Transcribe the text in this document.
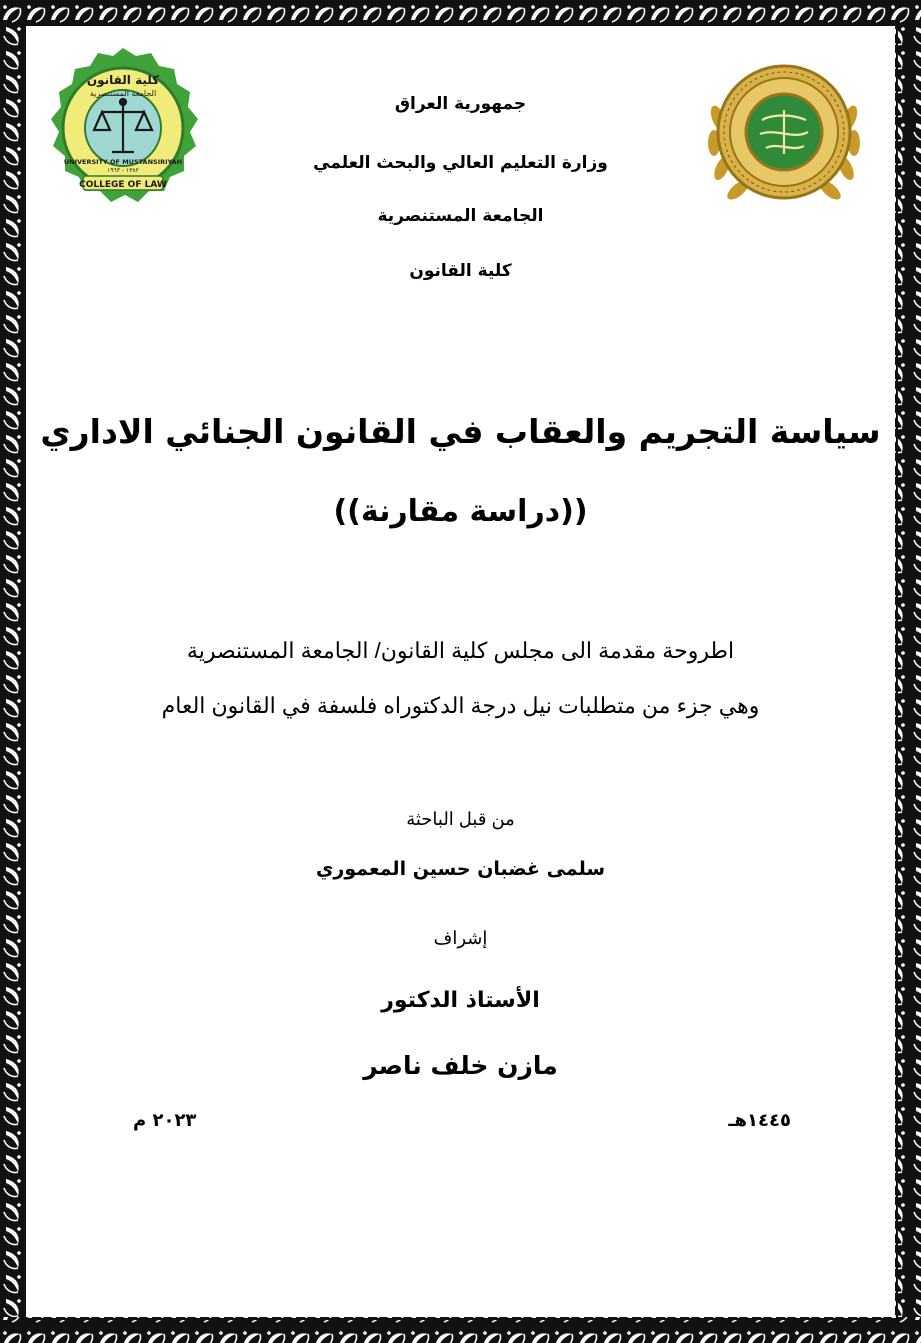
كلية القانون
الجامعة المستنصرية
UNIVERSITY OF MUSTANSIRIYAH
١٣٨٢ - ١٩٦٣
COLLEGE OF LAW
جمهورية العراق
وزارة التعليم العالي والبحث العلمي
الجامعة المستنصرية
كلية القانون
سياسة التجريم والعقاب في القانون الجنائي الاداري
((دراسة مقارنة))
اطروحة مقدمة الى مجلس كلية القانون/ الجامعة المستنصرية
وهي جزء من متطلبات نيل درجة الدكتوراه فلسفة في القانون العام
من قبل الباحثة
سلمى غضبان حسين المعموري
إشراف
الأستاذ الدكتور
مازن خلف ناصر
١٤٤٥هـ
٢٠٢٣ م
